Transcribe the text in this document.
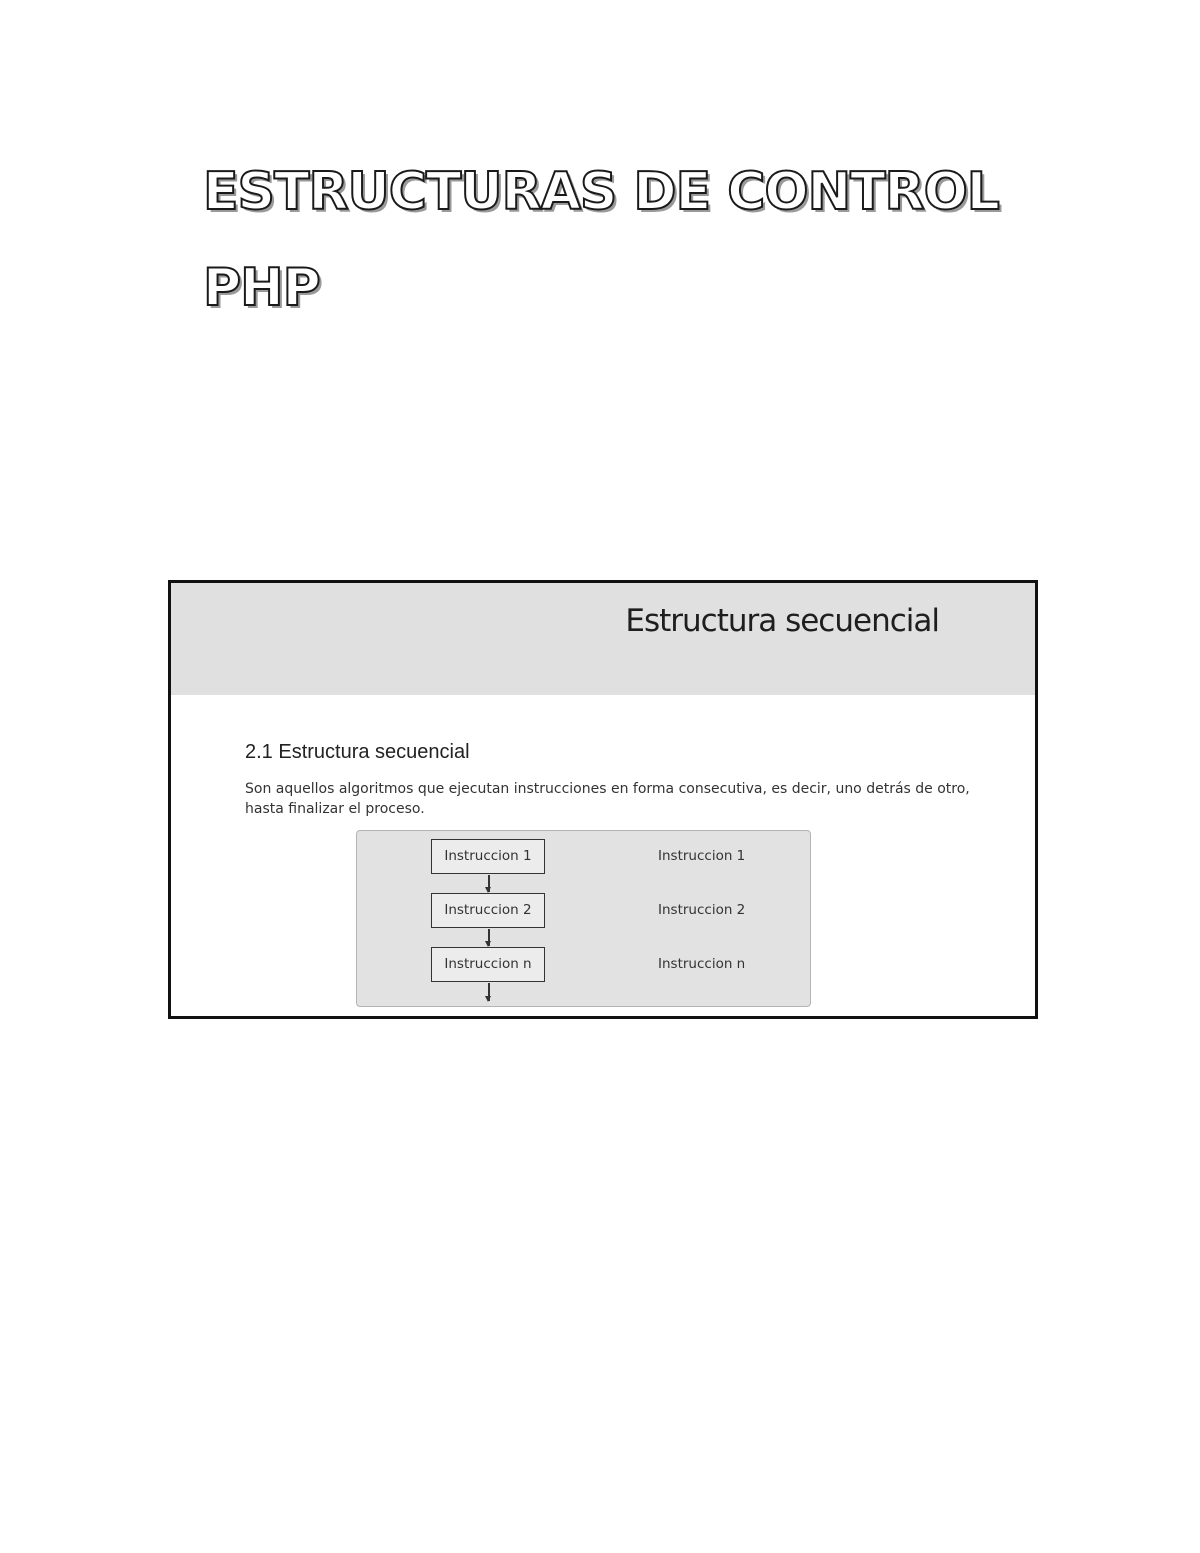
ESTRUCTURAS DE CONTROL
PHP
Estructura secuencial
2.1 Estructura secuencial

Son aquellos algoritmos que ejecutan instrucciones en forma consecutiva, es decir, uno detrás de otro, hasta finalizar el proceso.

Instruccion 1
Instruccion 2
Instruccion n
Instruccion 1
Instruccion 2
Instruccion n
